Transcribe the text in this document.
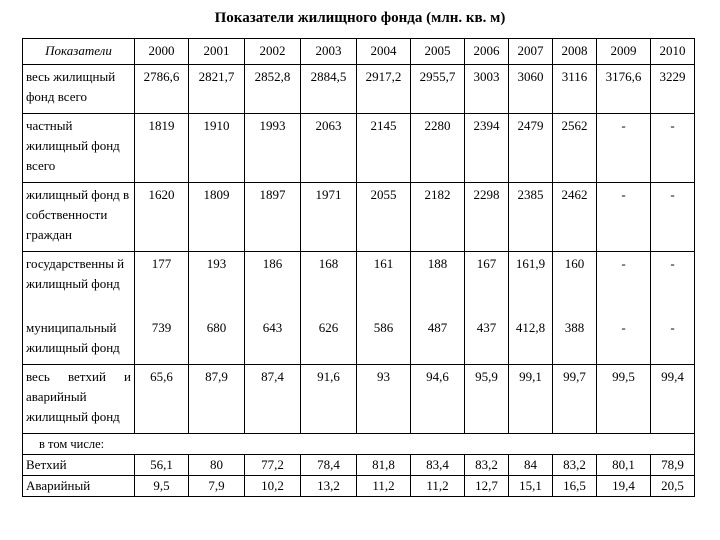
Показатели жилищного фонда (млн. кв. м)
Показатели	2000	2001	2002	2003	2004	2005	2006	2007	2008	2009	2010
весь жилищный фонд всего	2786,6	2821,7	2852,8	2884,5	2917,2	2955,7	3003	3060	3116	3176,6	3229
частный жилищный фонд всего	1819	1910	1993	2063	2145	2280	2394	2479	2562	-	-
жилищный фонд в собственности граждан	1620	1809	1897	1971	2055	2182	2298	2385	2462	-	-
государственны й жилищный фонд	177	193	186	168	161	188	167	161,9	160	-	-
муниципальный жилищный фонд	739	680	643	626	586	487	437	412,8	388	-	-
весь ветхий и аварийный жилищный фонд	65,6	87,9	87,4	91,6	93	94,6	95,9	99,1	99,7	99,5	99,4
в том числе:											
Ветхий	56,1	80	77,2	78,4	81,8	83,4	83,2	84	83,2	80,1	78,9
Аварийный	9,5	7,9	10,2	13,2	11,2	11,2	12,7	15,1	16,5	19,4	20,5
